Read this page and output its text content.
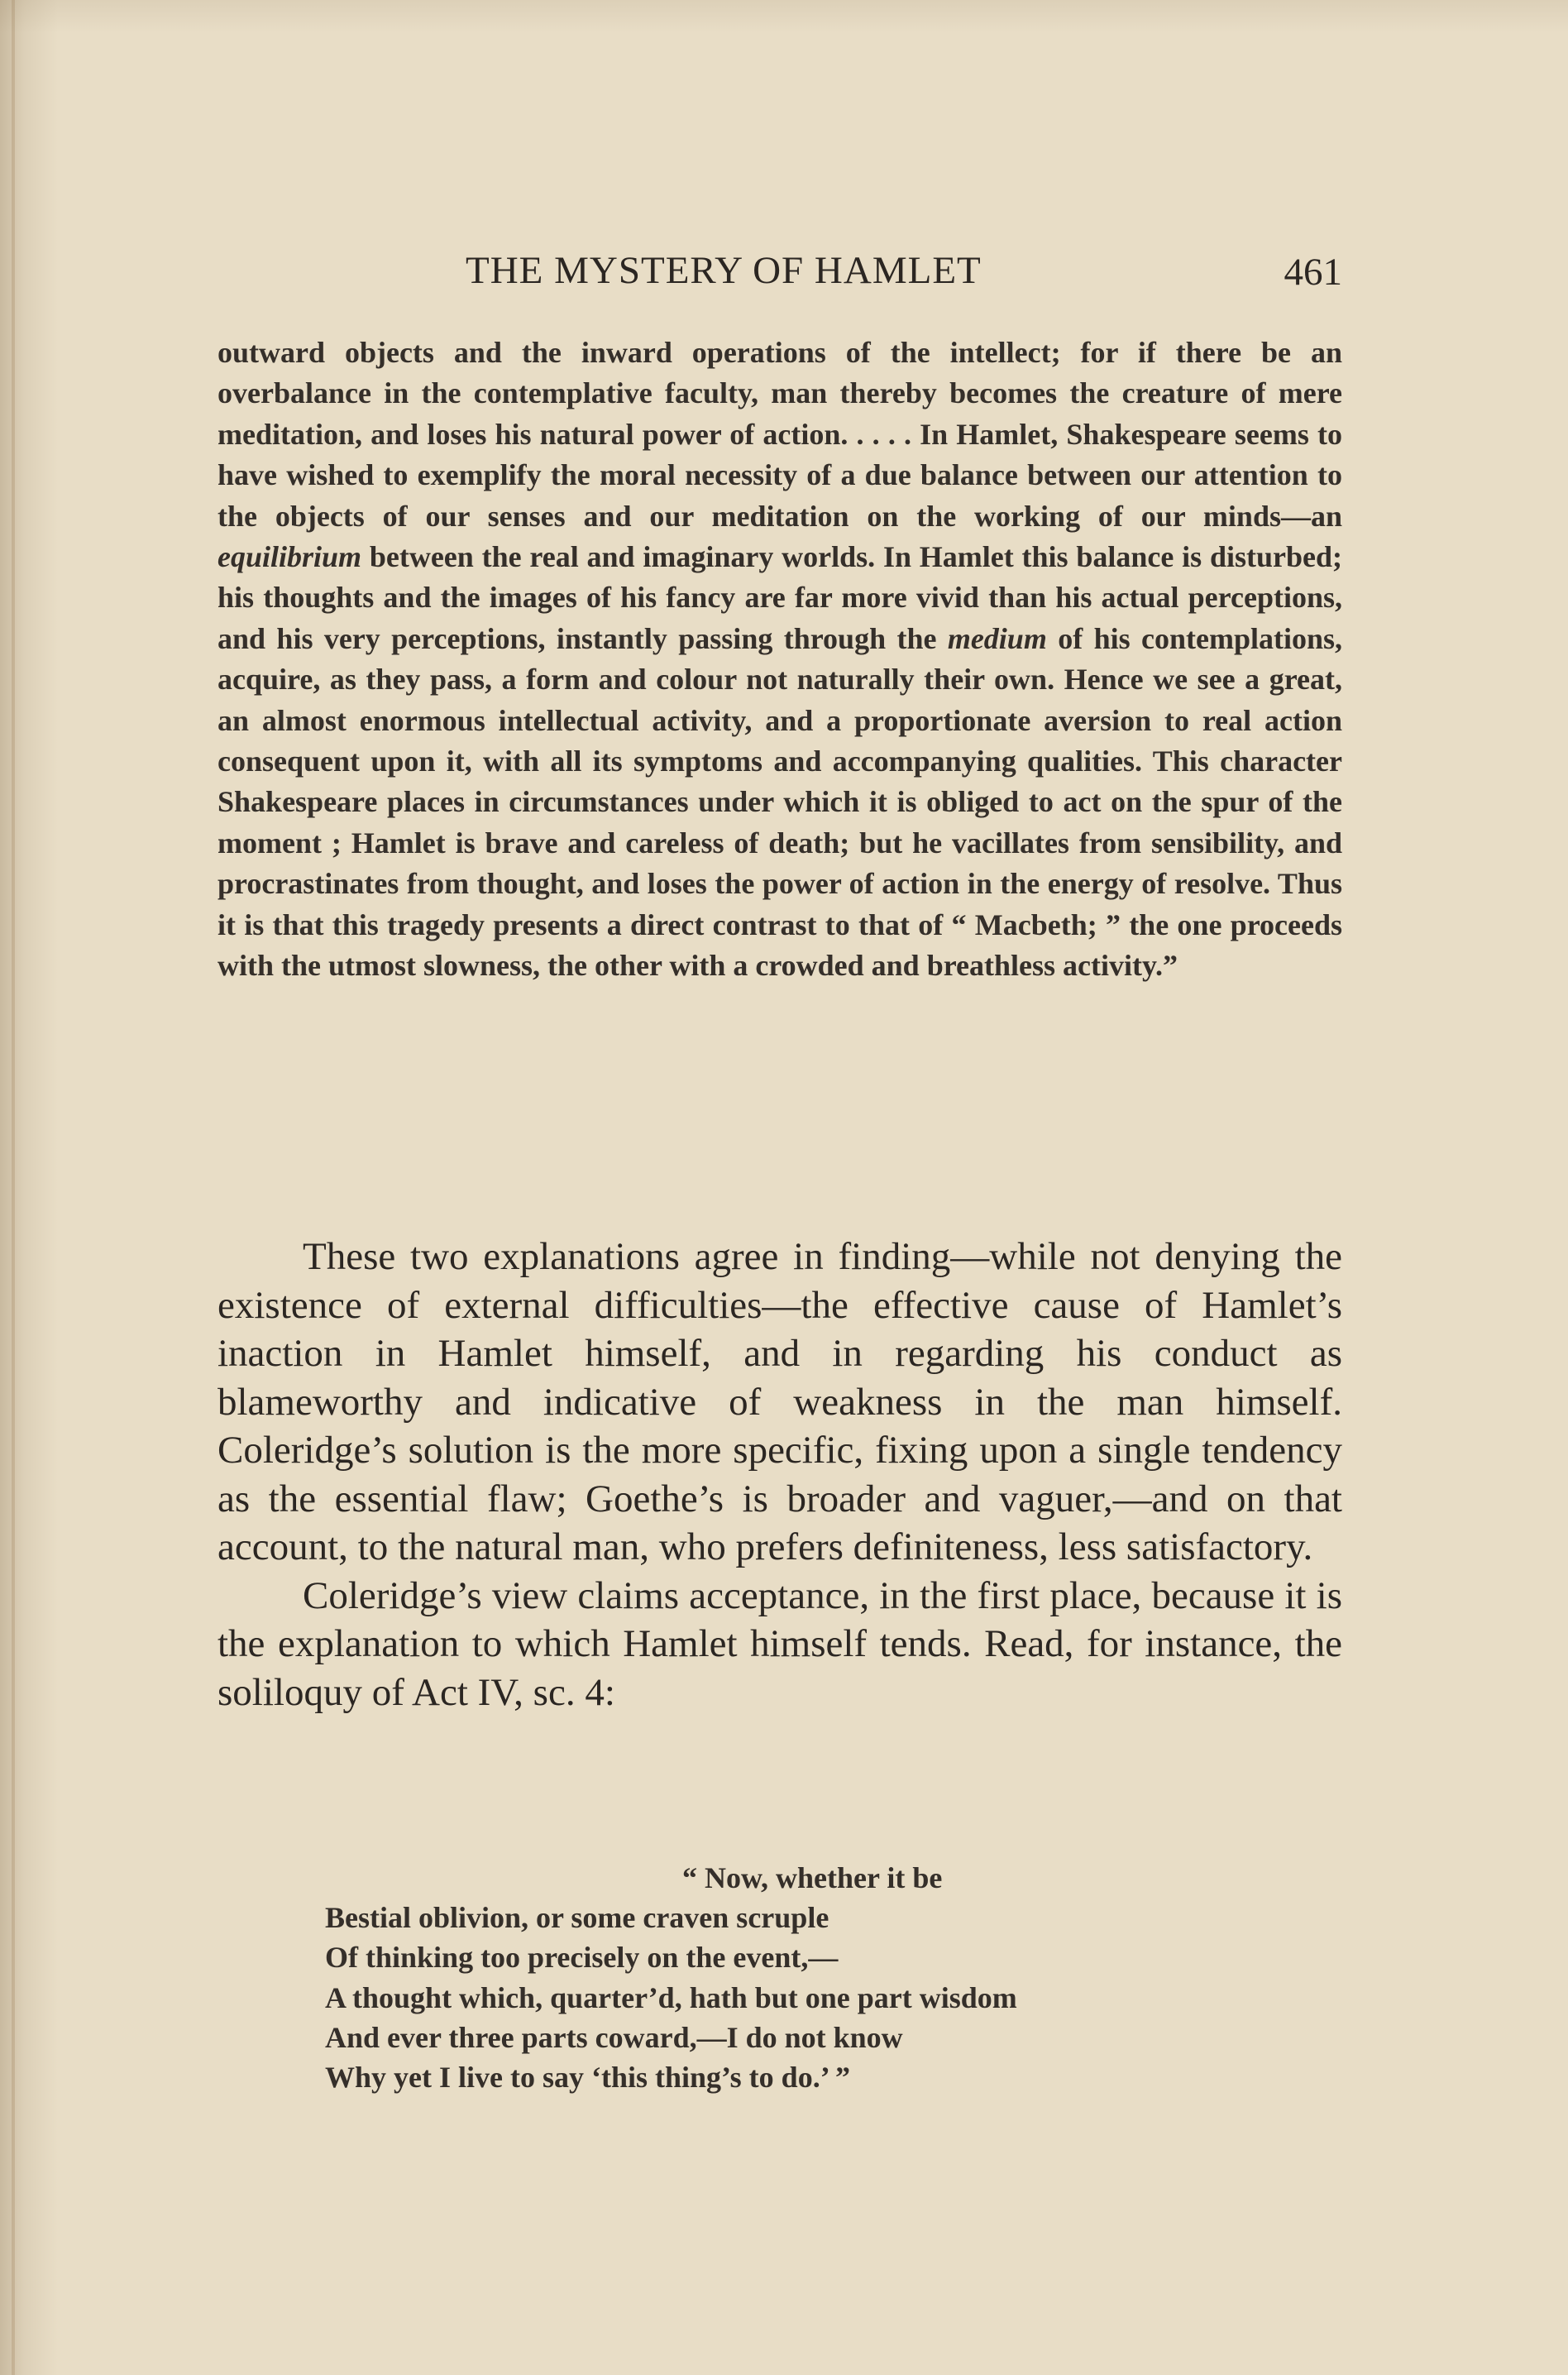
THE MYSTERY OF HAMLET	461

outward objects and the inward operations of the intellect; for if there be an overbalance in the contemplative faculty, man thereby becomes the creature of mere meditation, and loses his natural power of action. . . . . In Hamlet, Shakespeare seems to have wished to exemplify the moral necessity of a due balance between our attention to the objects of our senses and our meditation on the working of our minds—an equilibrium between the real and imaginary worlds. In Hamlet this balance is disturbed; his thoughts and the images of his fancy are far more vivid than his actual perceptions, and his very perceptions, instantly passing through the medium of his contemplations, acquire, as they pass, a form and colour not naturally their own. Hence we see a great, an almost enormous intellectual activity, and a proportionate aversion to real action consequent upon it, with all its symptoms and accompanying qualities. This character Shakespeare places in circumstances under which it is obliged to act on the spur of the moment ; Hamlet is brave and careless of death; but he vacillates from sensibility, and procrastinates from thought, and loses the power of action in the energy of resolve. Thus it is that this tragedy presents a direct contrast to that of “ Macbeth; ” the one proceeds with the utmost slowness, the other with a crowded and breathless activity.”

These two explanations agree in finding—while not denying the existence of external difficulties—the effective cause of Hamlet’s inaction in Hamlet himself, and in regarding his conduct as blameworthy and indicative of weakness in the man himself. Coleridge’s solution is the more specific, fixing upon a single tendency as the essential flaw; Goethe’s is broader and vaguer,—and on that account, to the natural man, who prefers definiteness, less satisfactory.

Coleridge’s view claims acceptance, in the first place, because it is the explanation to which Hamlet himself tends. Read, for instance, the soliloquy of Act IV, sc. 4:

“ Now, whether it be
Bestial oblivion, or some craven scruple
Of thinking too precisely on the event,—
A thought which, quarter’d, hath but one part wisdom
And ever three parts coward,—I do not know
Why yet I live to say ‘this thing’s to do.’ ”
